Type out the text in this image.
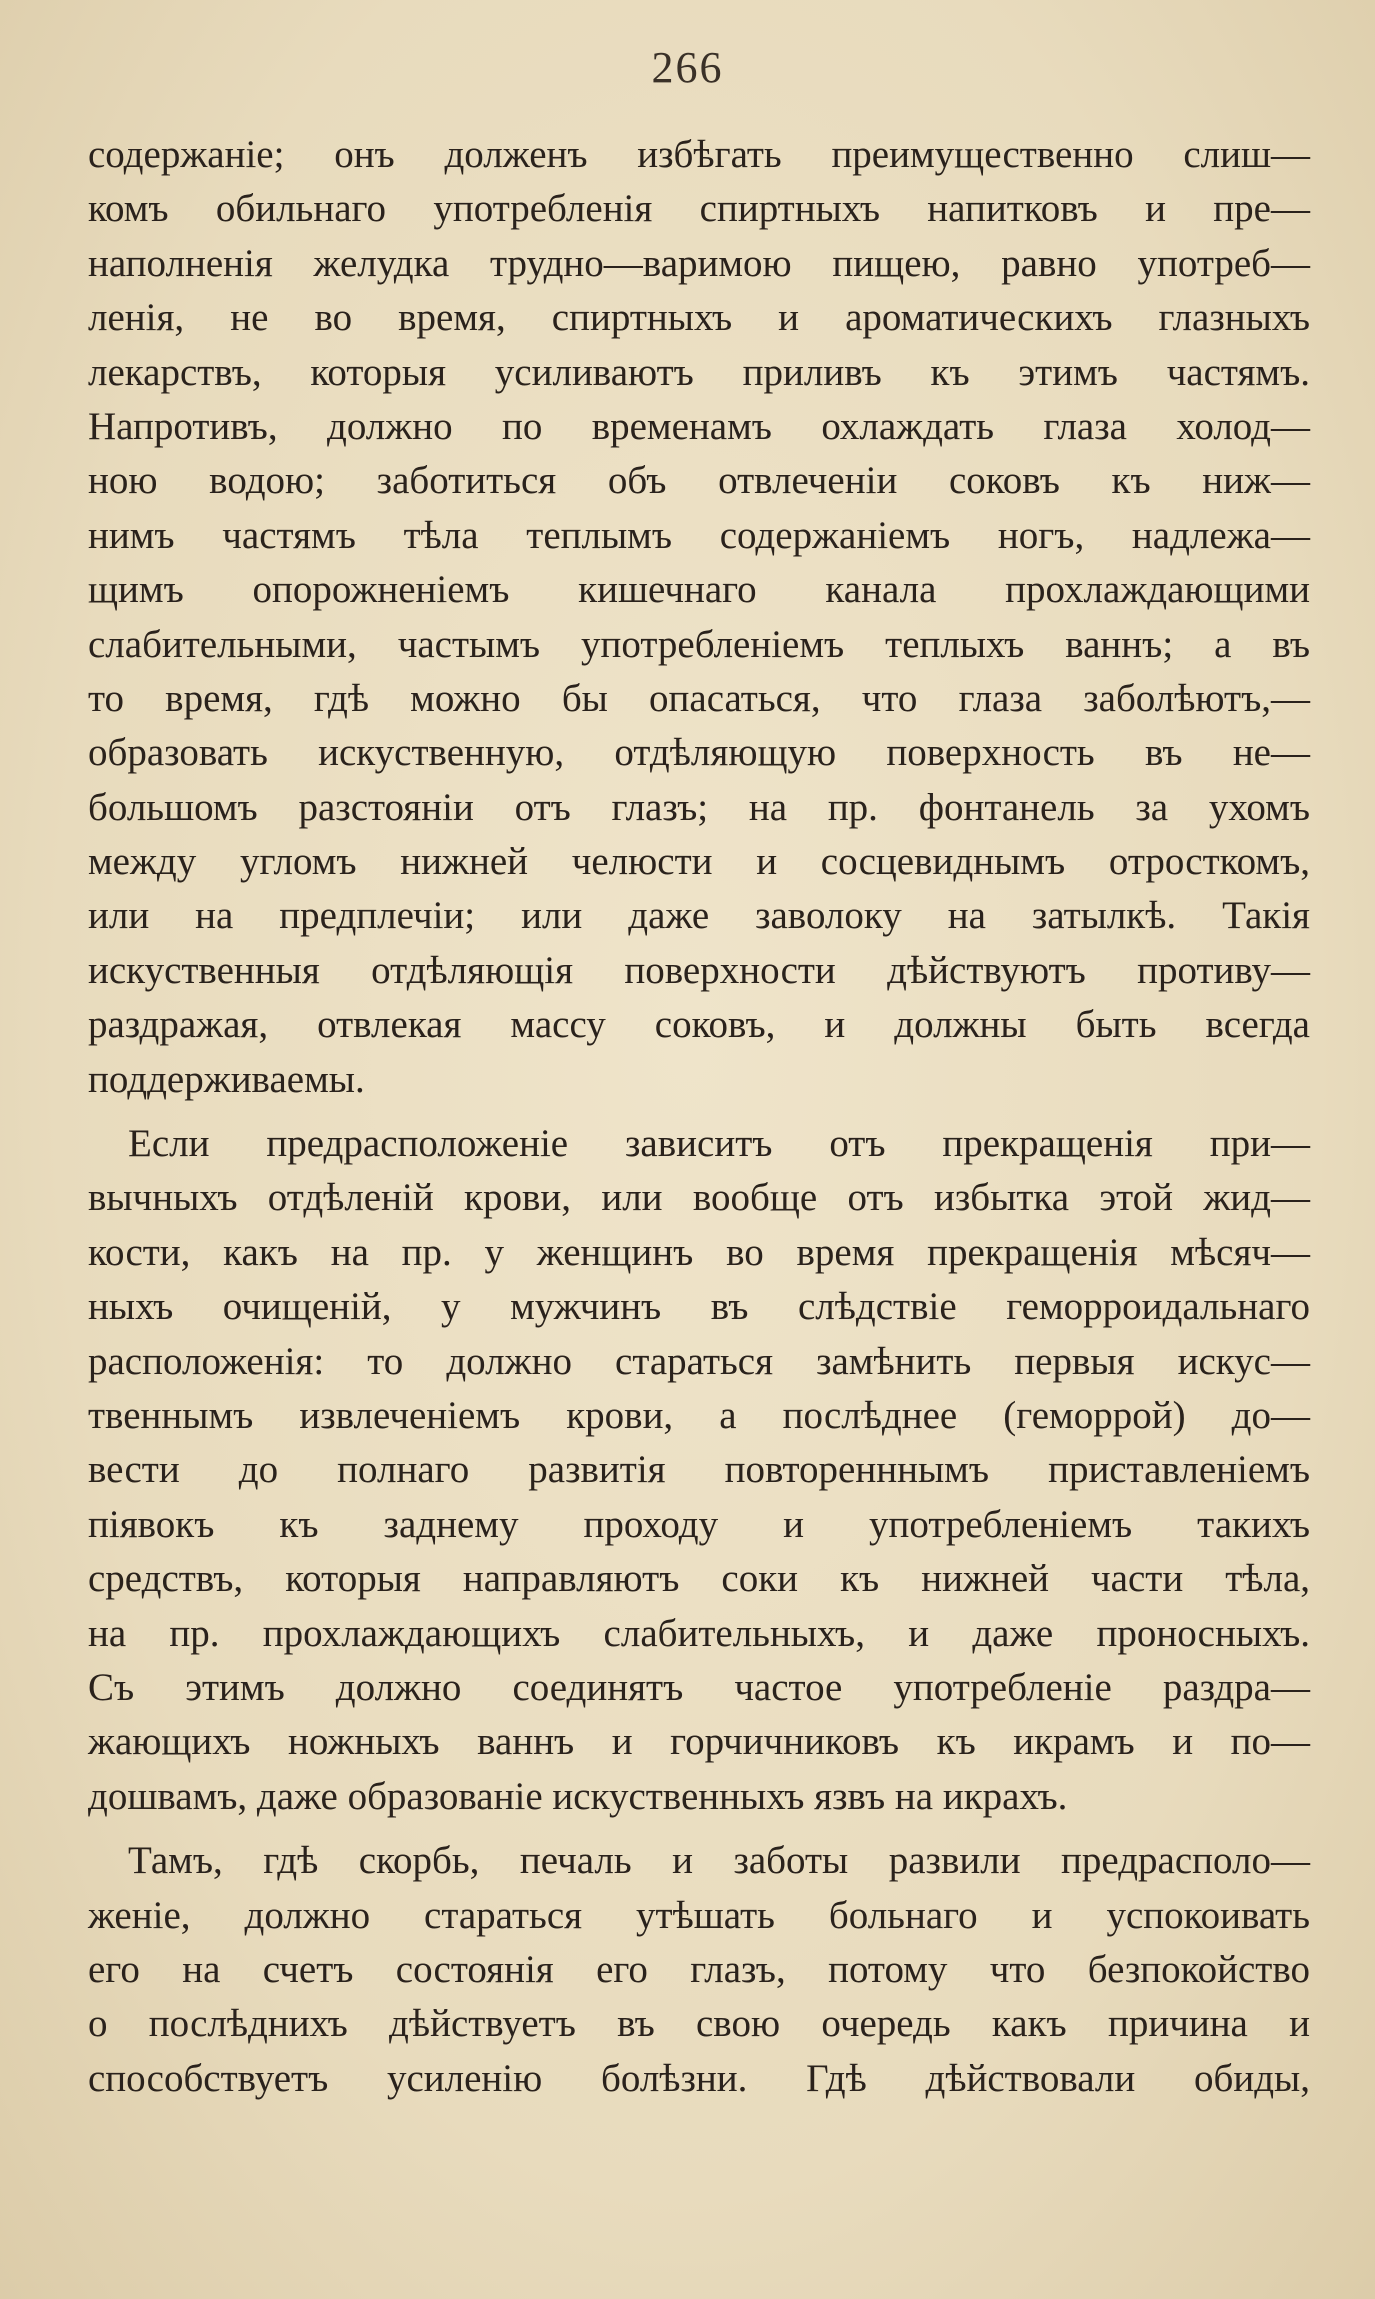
266
содержаніе; онъ долженъ избѣгать преимущественно слиш—
комъ обильнаго употребленія спиртныхъ напитковъ и пре—
наполненія желудка трудно—варимою пищею, равно употреб—
ленія, не во время, спиртныхъ и ароматическихъ глазныхъ
лекарствъ, которыя усиливаютъ приливъ къ этимъ частямъ.
Напротивъ, должно по временамъ охлаждать глаза холод—
ною водою; заботиться объ отвлеченіи соковъ къ ниж—
нимъ частямъ тѣла теплымъ содержаніемъ ногъ, надлежа—
щимъ опорожненіемъ кишечнаго канала прохлаждающими
слабительными, частымъ употребленіемъ теплыхъ ваннъ; а въ
то время, гдѣ можно бы опасаться, что глаза заболѣютъ,—
образовать искуственную, отдѣляющую поверхность въ не—
большомъ разстояніи отъ глазъ; на пр. фонтанель за ухомъ
между угломъ нижней челюсти и сосцевиднымъ отросткомъ,
или на предплечіи; или даже заволоку на затылкѣ. Такія
искуственныя отдѣляющія поверхности дѣйствуютъ противу—
раздражая, отвлекая массу соковъ, и должны быть всегда
поддерживаемы.
Если предрасположеніе зависитъ отъ прекращенія при—
вычныхъ отдѣленій крови, или вообще отъ избытка этой жид—
кости, какъ на пр. у женщинъ во время прекращенія мѣсяч—
ныхъ очищеній, у мужчинъ въ слѣдствіе геморроидальнаго
расположенія: то должно стараться замѣнить первыя искус—
твеннымъ извлеченіемъ крови, а послѣднее (геморрой) до—
вести до полнаго развитія повторенннымъ приставленіемъ
піявокъ къ заднему проходу и употребленіемъ такихъ
средствъ, которыя направляютъ соки къ нижней части тѣла,
на пр. прохлаждающихъ слабительныхъ, и даже проносныхъ.
Съ этимъ должно соединятъ частое употребленіе раздра—
жающихъ ножныхъ ваннъ и горчичниковъ къ икрамъ и по—
дошвамъ, даже образованіе искуственныхъ язвъ на икрахъ.
Тамъ, гдѣ скорбь, печаль и заботы развили предрасполо—
женіе, должно стараться утѣшать больнаго и успокоивать
его на счетъ состоянія его глазъ, потому что безпокойство
о послѣднихъ дѣйствуетъ въ свою очередь какъ причина и
способствуетъ усиленію болѣзни. Гдѣ дѣйствовали обиды,
